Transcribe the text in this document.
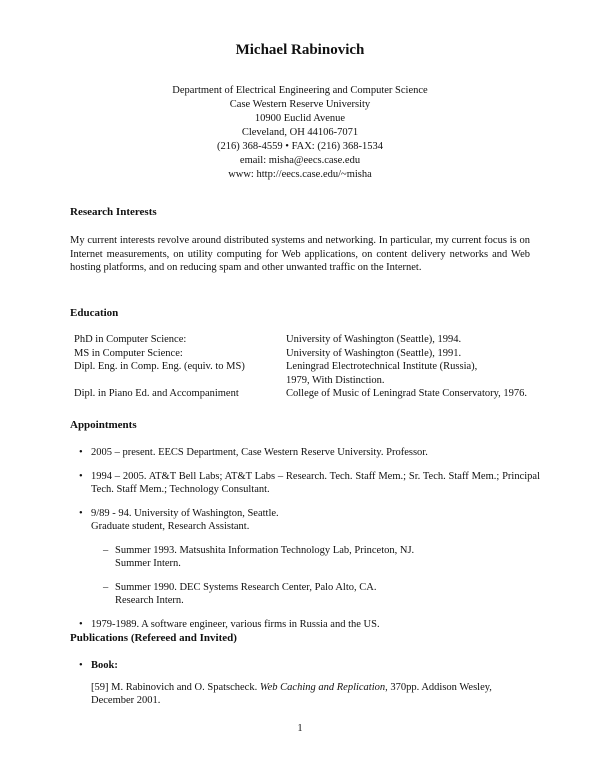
Michael Rabinovich
Department of Electrical Engineering and Computer Science
Case Western Reserve University
10900 Euclid Avenue
Cleveland, OH 44106-7071
(216) 368-4559 • FAX: (216) 368-1534
email: misha@eecs.case.edu
www: http://eecs.case.edu/~misha
Research Interests
My current interests revolve around distributed systems and networking. In particular, my current focus is on Internet measurements, on utility computing for Web applications, on content delivery networks and Web hosting platforms, and on reducing spam and other unwanted traffic on the Internet.
Education
PhD in Computer Science:	University of Washington (Seattle), 1994.
MS in Computer Science:	University of Washington (Seattle), 1991.
Dipl. Eng. in Comp. Eng. (equiv. to MS)	Leningrad Electrotechnical Institute (Russia),
	1979, With Distinction.
Dipl. in Piano Ed. and Accompaniment	College of Music of Leningrad State Conservatory, 1976.
Appointments
• 2005 – present. EECS Department, Case Western Reserve University. Professor.
• 1994 – 2005. AT&T Bell Labs; AT&T Labs – Research. Tech. Staff Mem.; Sr. Tech. Staff Mem.; Principal Tech. Staff Mem.; Technology Consultant.
• 9/89 - 94. University of Washington, Seattle.
Graduate student, Research Assistant.
– Summer 1993. Matsushita Information Technology Lab, Princeton, NJ.
Summer Intern.
– Summer 1990. DEC Systems Research Center, Palo Alto, CA.
Research Intern.
• 1979-1989. A software engineer, various firms in Russia and the US.
Publications (Refereed and Invited)
• Book:
[59] M. Rabinovich and O. Spatscheck. Web Caching and Replication, 370pp. Addison Wesley, December 2001.
1
